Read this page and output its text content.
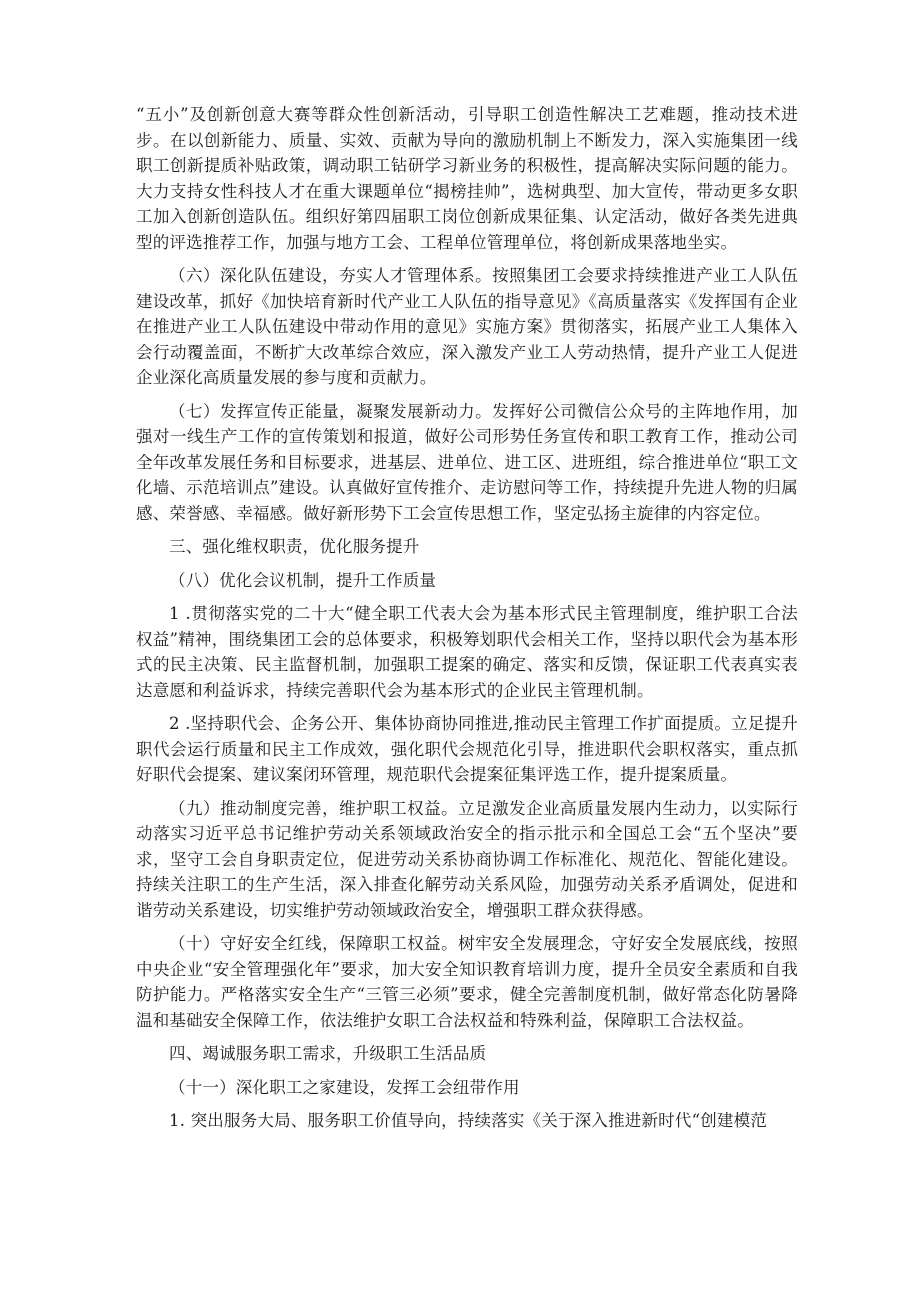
“五小”及创新创意大赛等群众性创新活动，引导职工创造性解决工艺难题，推动技术进步。在以创新能力、质量、实效、贡献为导向的激励机制上不断发力，深入实施集团一线职工创新提质补贴政策，调动职工钻研学习新业务的积极性，提高解决实际问题的能力。大力支持女性科技人才在重大课题单位“揭榜挂帅”，选树典型、加大宣传，带动更多女职工加入创新创造队伍。组织好第四届职工岗位创新成果征集、认定活动，做好各类先进典型的评选推荐工作，加强与地方工会、工程单位管理单位，将创新成果落地坐实。

（六）深化队伍建设，夯实人才管理体系。按照集团工会要求持续推进产业工人队伍建设改革，抓好《加快培育新时代产业工人队伍的指导意见》《高质量落实《发挥国有企业在推进产业工人队伍建设中带动作用的意见》实施方案》贯彻落实，拓展产业工人集体入会行动覆盖面，不断扩大改革综合效应，深入激发产业工人劳动热情，提升产业工人促进企业深化高质量发展的参与度和贡献力。

（七）发挥宣传正能量，凝聚发展新动力。发挥好公司微信公众号的主阵地作用，加强对一线生产工作的宣传策划和报道，做好公司形势任务宣传和职工教育工作，推动公司全年改革发展任务和目标要求，进基层、进单位、进工区、进班组，综合推进单位“职工文化墙、示范培训点”建设。认真做好宣传推介、走访慰问等工作，持续提升先进人物的归属感、荣誉感、幸福感。做好新形势下工会宣传思想工作，坚定弘扬主旋律的内容定位。

三、强化维权职责，优化服务提升

（八）优化会议机制，提升工作质量

1 .贯彻落实党的二十大“健全职工代表大会为基本形式民主管理制度，维护职工合法权益”精神，围绕集团工会的总体要求，积极筹划职代会相关工作，坚持以职代会为基本形式的民主决策、民主监督机制，加强职工提案的确定、落实和反馈，保证职工代表真实表达意愿和利益诉求，持续完善职代会为基本形式的企业民主管理机制。

2 .坚持职代会、企务公开、集体协商协同推进,推动民主管理工作扩面提质。立足提升职代会运行质量和民主工作成效，强化职代会规范化引导，推进职代会职权落实，重点抓好职代会提案、建议案闭环管理，规范职代会提案征集评选工作，提升提案质量。

（九）推动制度完善，维护职工权益。立足激发企业高质量发展内生动力，以实际行动落实习近平总书记维护劳动关系领域政治安全的指示批示和全国总工会“五个坚决”要求，坚守工会自身职责定位，促进劳动关系协商协调工作标准化、规范化、智能化建设。持续关注职工的生产生活，深入排查化解劳动关系风险，加强劳动关系矛盾调处，促进和谐劳动关系建设，切实维护劳动领域政治安全，增强职工群众获得感。

（十）守好安全红线，保障职工权益。树牢安全发展理念，守好安全发展底线，按照中央企业“安全管理强化年”要求，加大安全知识教育培训力度，提升全员安全素质和自我防护能力。严格落实安全生产“三管三必须”要求，健全完善制度机制，做好常态化防暑降温和基础安全保障工作，依法维护女职工合法权益和特殊利益，保障职工合法权益。

四、竭诚服务职工需求，升级职工生活品质

（十一）深化职工之家建设，发挥工会纽带作用

1. 突出服务大局、服务职工价值导向，持续落实《关于深入推进新时代“创建模范
